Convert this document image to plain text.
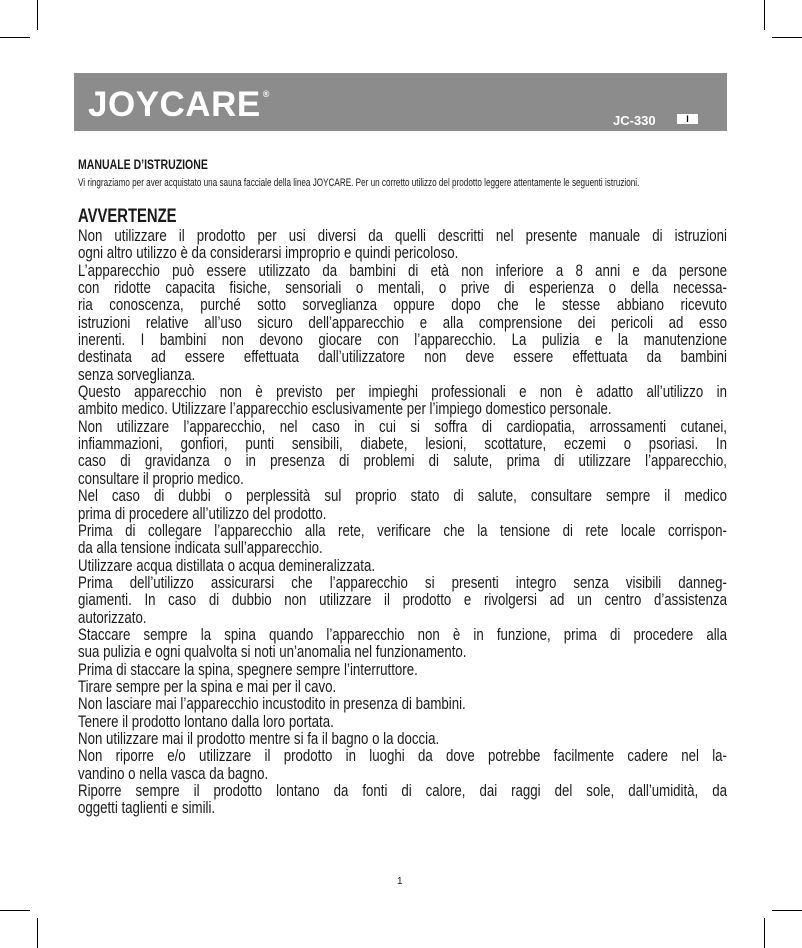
JOYCARE ®
JC-330	I
MANUALE D’ISTRUZIONE
Vi ringraziamo per aver acquistato una sauna facciale della linea JOYCARE. Per un corretto utilizzo del prodotto leggere attentamente le seguenti istruzioni.
AVVERTENZE
Non utilizzare il prodotto per usi diversi da quelli descritti nel presente manuale di istruzioni
ogni altro utilizzo è da considerarsi improprio e quindi pericoloso.
L’apparecchio può essere utilizzato da bambini di età non inferiore a 8 anni e da persone
con ridotte capacita fisiche, sensoriali o mentali, o prive di esperienza o della necessa-
ria conoscenza, purché sotto sorveglianza oppure dopo che le stesse abbiano ricevuto
istruzioni relative all’uso sicuro dell’apparecchio e alla comprensione dei pericoli ad esso
inerenti. I bambini non devono giocare con l’apparecchio. La pulizia e la manutenzione
destinata ad essere effettuata dall’utilizzatore non deve essere effettuata da bambini
senza sorveglianza.
Questo apparecchio non è previsto per impieghi professionali e non è adatto all’utilizzo in
ambito medico. Utilizzare l’apparecchio esclusivamente per l’impiego domestico personale.
Non utilizzare l’apparecchio, nel caso in cui si soffra di cardiopatia, arrossamenti cutanei,
infiammazioni, gonfiori, punti sensibili, diabete, lesioni, scottature, eczemi o psoriasi. In
caso di gravidanza o in presenza di problemi di salute, prima di utilizzare l’apparecchio,
consultare il proprio medico.
Nel caso di dubbi o perplessità sul proprio stato di salute, consultare sempre il medico
prima di procedere all’utilizzo del prodotto.
Prima di collegare l’apparecchio alla rete, verificare che la tensione di rete locale corrispon-
da alla tensione indicata sull’apparecchio.
Utilizzare acqua distillata o acqua demineralizzata.
Prima dell’utilizzo assicurarsi che l’apparecchio si presenti integro senza visibili danneg-
giamenti. In caso di dubbio non utilizzare il prodotto e rivolgersi ad un centro d’assistenza
autorizzato.
Staccare sempre la spina quando l’apparecchio non è in funzione, prima di procedere alla
sua pulizia e ogni qualvolta si noti un’anomalia nel funzionamento.
Prima di staccare la spina, spegnere sempre l’interruttore.
Tirare sempre per la spina e mai per il cavo.
Non lasciare mai l’apparecchio incustodito in presenza di bambini.
Tenere il prodotto lontano dalla loro portata.
Non utilizzare mai il prodotto mentre si fa il bagno o la doccia.
Non riporre e/o utilizzare il prodotto in luoghi da dove potrebbe facilmente cadere nel la-
vandino o nella vasca da bagno.
Riporre sempre il prodotto lontano da fonti di calore, dai raggi del sole, dall’umidità, da
oggetti taglienti e simili.
1
